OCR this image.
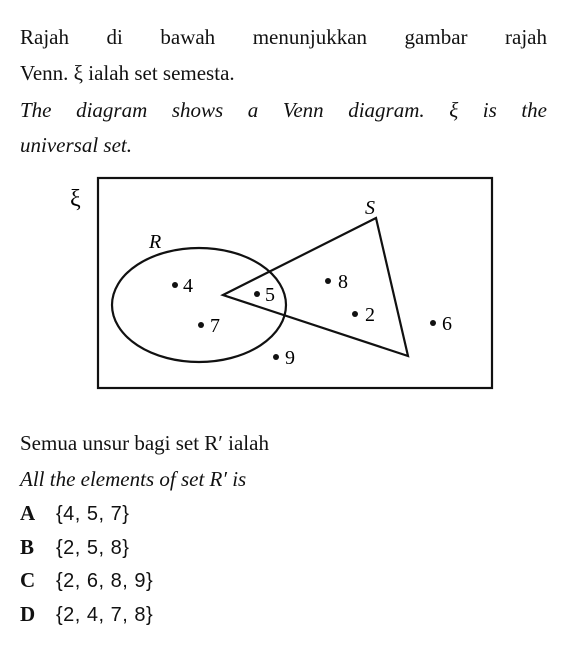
Rajah di bawah menunjukkan gambar rajah
Venn. ξ ialah set semesta.
The diagram shows a Venn diagram. ξ is the
universal set.
ξ
R
S
4	5
8
2
7	6
9
Semua unsur bagi set R′ ialah
All the elements of set R′ is
A {4, 5, 7}
B {2, 5, 8}
C {2, 6, 8, 9}
D {2, 4, 7, 8}
